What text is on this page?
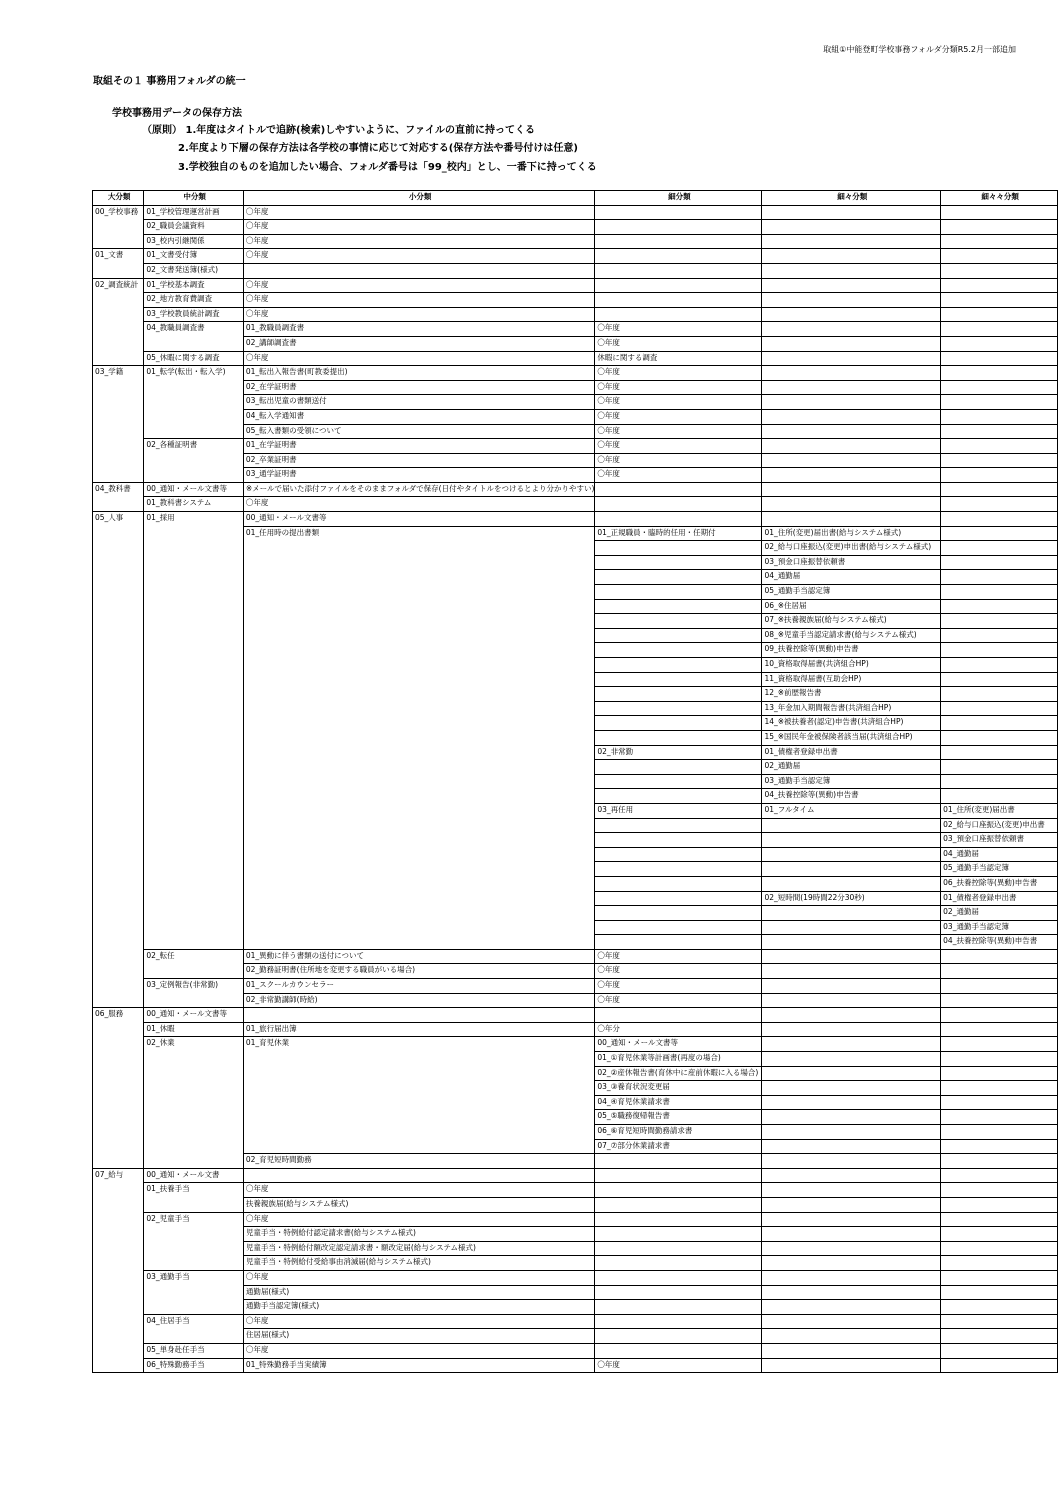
取組①中能登町学校事務フォルダ分類R5.2月一部追加
取組その１ 事務用フォルダの統一
学校事務用データの保存方法
（原則） 1.年度はタイトルで追跡(検索)しやすいように、ファイルの直前に持ってくる
2.年度より下層の保存方法は各学校の事情に応じて対応する(保存方法や番号付けは任意)
3.学校独自のものを追加したい場合、フォルダ番号は「99_校内」とし、一番下に持ってくる
大分類	中分類	小分類	細分類	細々分類	細々々分類
00_学校事務	01_学校管理運営計画	〇年度			
	02_職員会議資料	〇年度			
	03_校内引継関係	〇年度			
01_文書	01_文書受付簿	〇年度			
	02_文書発送簿(様式)				
02_調査統計	01_学校基本調査	〇年度			
	02_地方教育費調査	〇年度			
	03_学校教員統計調査	〇年度			
	04_教職員調査書	01_教職員調査書	〇年度		
		02_講師調査書	〇年度		
	05_休暇に関する調査	〇年度	休暇に関する調査		
03_学籍	01_転学(転出・転入学)	01_転出入報告書(町教委提出)	〇年度		
		02_在学証明書	〇年度		
		03_転出児童の書類送付	〇年度		
		04_転入学通知書	〇年度		
		05_転入書類の受領について	〇年度		
	02_各種証明書	01_在学証明書	〇年度		
		02_卒業証明書	〇年度		
		03_通学証明書	〇年度		
04_教科書	00_通知・メール文書等	※メールで届いた添付ファイルをそのままフォルダで保存(日付やタイトルをつけるとより分かりやすい)			
	01_教科書システム	〇年度			
05_人事	01_採用	00_通知・メール文書等			
		01_任用時の提出書類	01_正規職員・臨時的任用・任期付	01_住所(変更)届出書(給与システム様式)	
				02_給与口座振込(変更)申出書(給与システム様式)	
				03_預金口座振替依頼書	
				04_通勤届	
				05_通勤手当認定簿	
				06_※住居届	
				07_※扶養親族届(給与システム様式)	
				08_※児童手当認定請求書(給与システム様式)	
				09_扶養控除等(異動)申告書	
				10_資格取得届書(共済組合HP)	
				11_資格取得届書(互助会HP)	
				12_※前歴報告書	
				13_年金加入期間報告書(共済組合HP)	
				14_※被扶養者(認定)申告書(共済組合HP)	
				15_※国民年金被保険者該当届(共済組合HP)	
			02_非常勤	01_債権者登録申出書	
				02_通勤届	
				03_通勤手当認定簿	
				04_扶養控除等(異動)申告書	
			03_再任用	01_フルタイム	01_住所(変更)届出書
					02_給与口座振込(変更)申出書
					03_預金口座振替依頼書
					04_通勤届
					05_通勤手当認定簿
					06_扶養控除等(異動)申告書
				02_短時間(19時間22分30秒)	01_債権者登録申出書
					02_通勤届
					03_通勤手当認定簿
					04_扶養控除等(異動)申告書
	02_転任	01_異動に伴う書類の送付について	〇年度		
		02_勤務証明書(住所地を変更する職員がいる場合)	〇年度		
	03_定例報告(非常勤)	01_スクールカウンセラー	〇年度		
		02_非常勤講師(時給)	〇年度		
06_服務	00_通知・メール文書等				
	01_休暇	01_旅行届出簿	〇年分		
	02_休業	01_育児休業	00_通知・メール文書等		
			01_①育児休業等計画書(再度の場合)		
			02_②産休報告書(育休中に産前休暇に入る場合)		
			03_③養育状況変更届		
			04_④育児休業請求書		
			05_⑤職務復帰報告書		
			06_⑥育児短時間勤務請求書		
			07_⑦部分休業請求書		
		02_育児短時間勤務			
07_給与	00_通知・メール文書				
	01_扶養手当	〇年度			
		扶養親族届(給与システム様式)			
	02_児童手当	〇年度			
		児童手当・特例給付認定請求書(給与システム様式)			
		児童手当・特例給付額改定認定請求書・額改定届(給与システム様式)			
		児童手当・特例給付受給事由消滅届(給与システム様式)			
	03_通勤手当	〇年度			
		通勤届(様式)			
		通勤手当認定簿(様式)			
	04_住居手当	〇年度			
		住居届(様式)			
	05_単身赴任手当	〇年度			
	06_特殊勤務手当	01_特殊勤務手当実績簿	〇年度		
